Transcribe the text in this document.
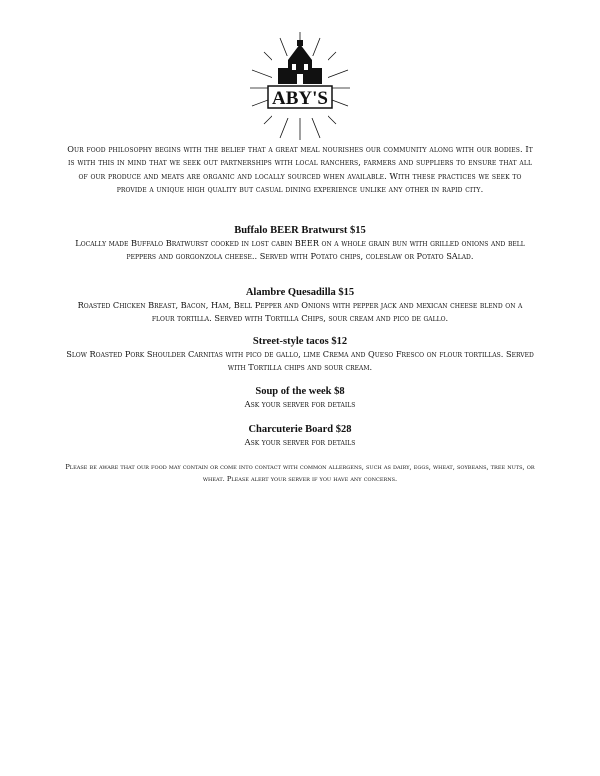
ABY'S

Our food philosophy begins with the belief that a great meal nourishes our community along with our bodies. It is with this in mind that we seek out partnerships with local ranchers, farmers and suppliers to ensure that all of our produce and meats are organic and locally sourced when available. With these practices we seek to provide a unique high quality but casual dining experience unlike any other in rapid city.

Buffalo BEER Bratwurst $15

Locally made Buffalo Bratwurst cooked in lost cabin BEER on a whole grain bun with grilled onions and bell peppers and gorgonzola cheese.. Served with Potato chips, coleslaw or Potato SAlad.

Alambre Quesadilla $15

Roasted Chicken Breast, Bacon, Ham, Bell Pepper and Onions with pepper jack and mexican cheese blend on a flour tortilla. Served with Tortilla Chips, sour cream and pico de gallo.

Street-style tacos $12

Slow Roasted Pork Shoulder Carnitas with pico de gallo, lime Crema and Queso Fresco on flour tortillas. Served with Tortilla chips and sour cream.

Soup of the week $8

Ask your server for details

Charcuterie Board $28

Ask your server for details

Please be aware that our food may contain or come into contact with common allergens, such as dairy, eggs, wheat, soybeans, tree nuts, or wheat. Please alert your server if you have any concerns.
